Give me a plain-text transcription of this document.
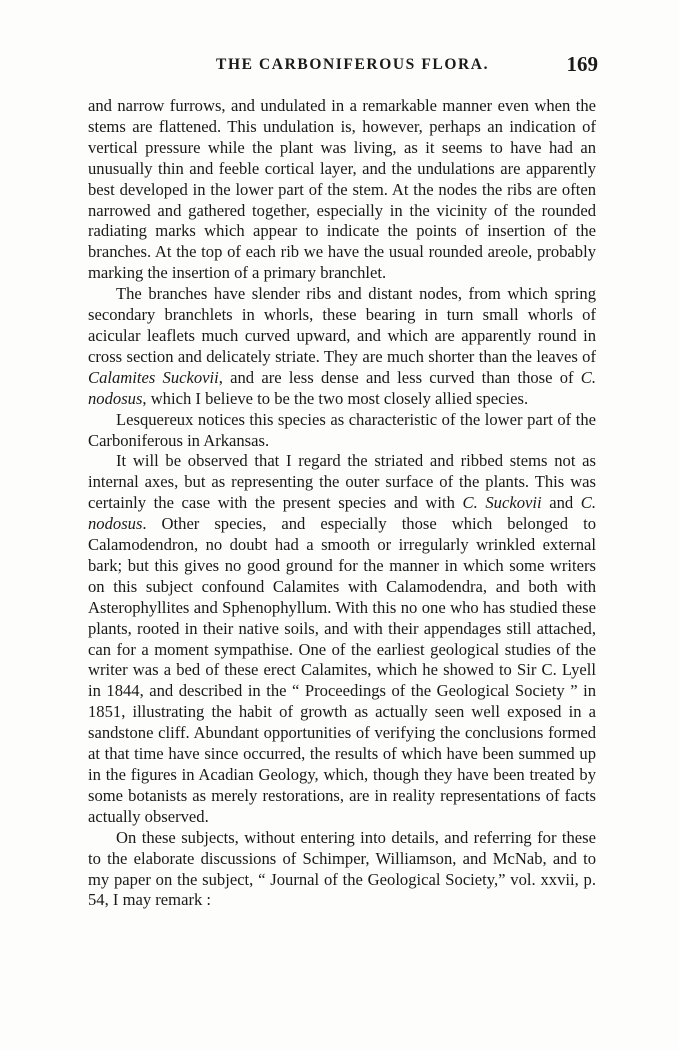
THE CARBONIFEROUS FLORA.	169

and narrow furrows, and undulated in a remarkable manner even when the stems are flattened. This undulation is, however, perhaps an indication of vertical pressure while the plant was living, as it seems to have had an unusually thin and feeble cortical layer, and the undulations are apparently best developed in the lower part of the stem. At the nodes the ribs are often narrowed and gathered together, especially in the vicinity of the rounded radiating marks which appear to indicate the points of insertion of the branches. At the top of each rib we have the usual rounded areole, probably marking the insertion of a primary branchlet.

The branches have slender ribs and distant nodes, from which spring secondary branchlets in whorls, these bearing in turn small whorls of acicular leaflets much curved upward, and which are apparently round in cross section and delicately striate. They are much shorter than the leaves of Calamites Suckovii, and are less dense and less curved than those of C. nodosus, which I believe to be the two most closely allied species.

Lesquereux notices this species as characteristic of the lower part of the Carboniferous in Arkansas.

It will be observed that I regard the striated and ribbed stems not as internal axes, but as representing the outer surface of the plants. This was certainly the case with the present species and with C. Suckovii and C. nodosus. Other species, and especially those which belonged to Calamodendron, no doubt had a smooth or irregularly wrinkled external bark; but this gives no good ground for the manner in which some writers on this subject confound Calamites with Calamodendra, and both with Asterophyllites and Sphenophyllum. With this no one who has studied these plants, rooted in their native soils, and with their appendages still attached, can for a moment sympathise. One of the earliest geological studies of the writer was a bed of these erect Calamites, which he showed to Sir C. Lyell in 1844, and described in the “ Proceedings of the Geological Society ” in 1851, illustrating the habit of growth as actually seen well exposed in a sandstone cliff. Abundant opportunities of verifying the conclusions formed at that time have since occurred, the results of which have been summed up in the figures in Acadian Geology, which, though they have been treated by some botanists as merely restorations, are in reality representations of facts actually observed.

On these subjects, without entering into details, and referring for these to the elaborate discussions of Schimper, Williamson, and McNab, and to my paper on the subject, “ Journal of the Geological Society,” vol. xxvii, p. 54, I may remark :
